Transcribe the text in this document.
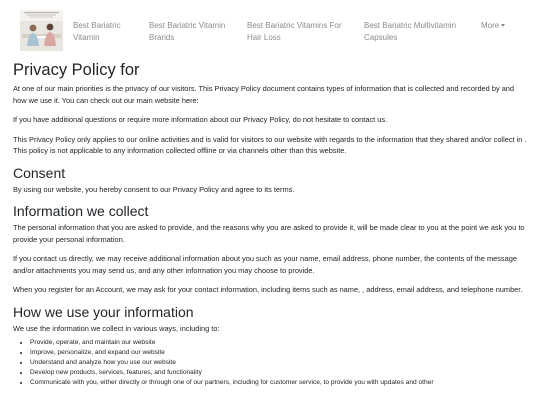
Best Bariatric Vitamin
Best Bariatric Vitamin Brands
Best Bariatric Vitamins For Hair Loss
Best Bariatric Multivitamin Capsules
More
Privacy Policy for

At one of our main priorities is the privacy of our visitors. This Privacy Policy document contains types of information that is collected and recorded by and how we use it. You can check out our main website here:

If you have additional questions or require more information about our Privacy Policy, do not hesitate to contact us.

This Privacy Policy only applies to our online activities and is valid for visitors to our website with regards to the information that they shared and/or collect in . This policy is not applicable to any information collected offline or via channels other than this website.

Consent

By using our website, you hereby consent to our Privacy Policy and agree to its terms.

Information we collect

The personal information that you are asked to provide, and the reasons why you are asked to provide it, will be made clear to you at the point we ask you to provide your personal information.

If you contact us directly, we may receive additional information about you such as your name, email address, phone number, the contents of the message and/or attachments you may send us, and any other information you may choose to provide.

When you register for an Account, we may ask for your contact information, including items such as name, , address, email address, and telephone number.

How we use your information

We use the information we collect in various ways, including to:

• Provide, operate, and maintain our website
• Improve, personalize, and expand our website
• Understand and analyze how you use our website
• Develop new products, services, features, and functionality
• Communicate with you, either directly or through one of our partners, including for customer service, to provide you with updates and other
